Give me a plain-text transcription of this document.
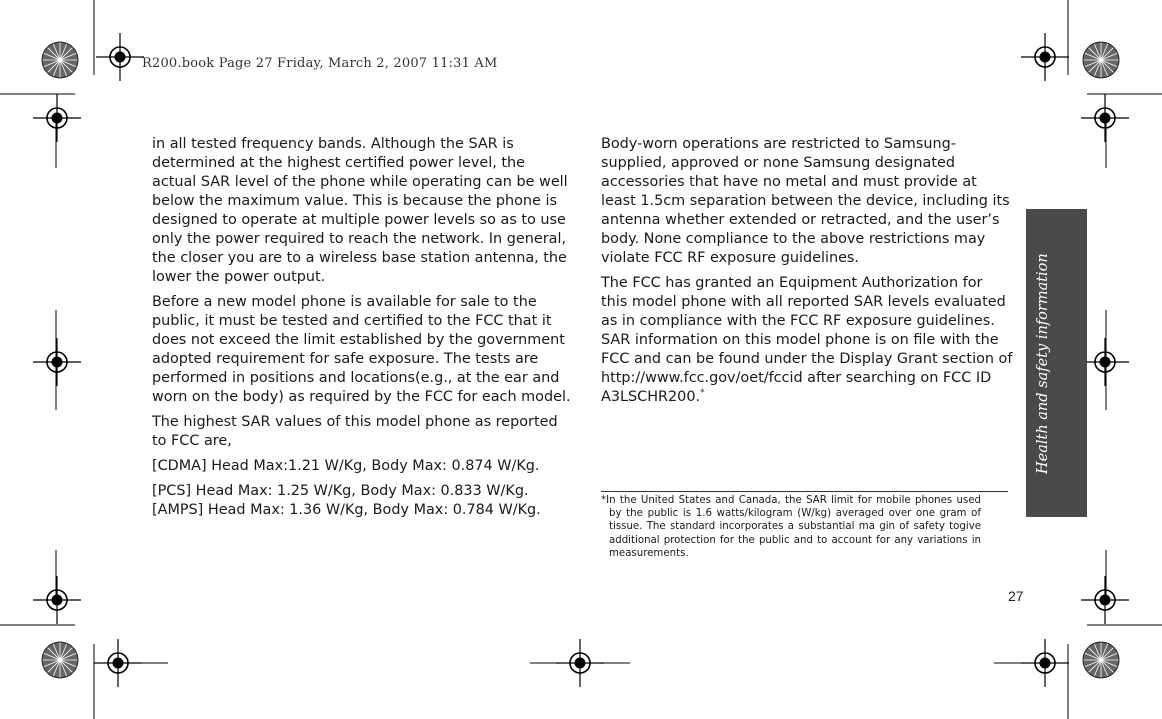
R200.book Page 27 Friday, March 2, 2007 11:31 AM

in all tested frequency bands. Although the SAR is determined at the highest certified power level, the actual SAR level of the phone while operating can be well below the maximum value. This is because the phone is designed to operate at multiple power levels so as to use only the power required to reach the network. In general, the closer you are to a wireless base station antenna, the lower the power output.

Before a new model phone is available for sale to the public, it must be tested and certified to the FCC that it does not exceed the limit established by the government adopted requirement for safe exposure. The tests are performed in positions and locations(e.g., at the ear and worn on the body) as required by the FCC for each model.

The highest SAR values of this model phone as reported to FCC are,

[CDMA] Head Max:1.21 W/Kg, Body Max: 0.874 W/Kg.

[PCS] Head Max: 1.25 W/Kg, Body Max: 0.833 W/Kg.

[AMPS] Head Max: 1.36 W/Kg, Body Max: 0.784 W/Kg.

Body-worn operations are restricted to Samsung-supplied, approved or none Samsung designated accessories that have no metal and must provide at least 1.5cm separation between the device, including its antenna whether extended or retracted, and the user’s body. None compliance to the above restrictions may violate FCC RF exposure guidelines.

The FCC has granted an Equipment Authorization for this model phone with all reported SAR levels evaluated as in compliance with the FCC RF exposure guidelines. SAR information on this model phone is on file with the FCC and can be found under the Display Grant section of http://www.fcc.gov/oet/fccid after searching on FCC ID A3LSCHR200.*

*In the United States and Canada, the SAR limit for mobile phones used by the public is 1.6 watts/kilogram (W/kg) averaged over one gram of tissue. The standard incorporates a substantial ma gin of safety togive additional protection for the public and to account for any variations in measurements.
Health and safety information
27
